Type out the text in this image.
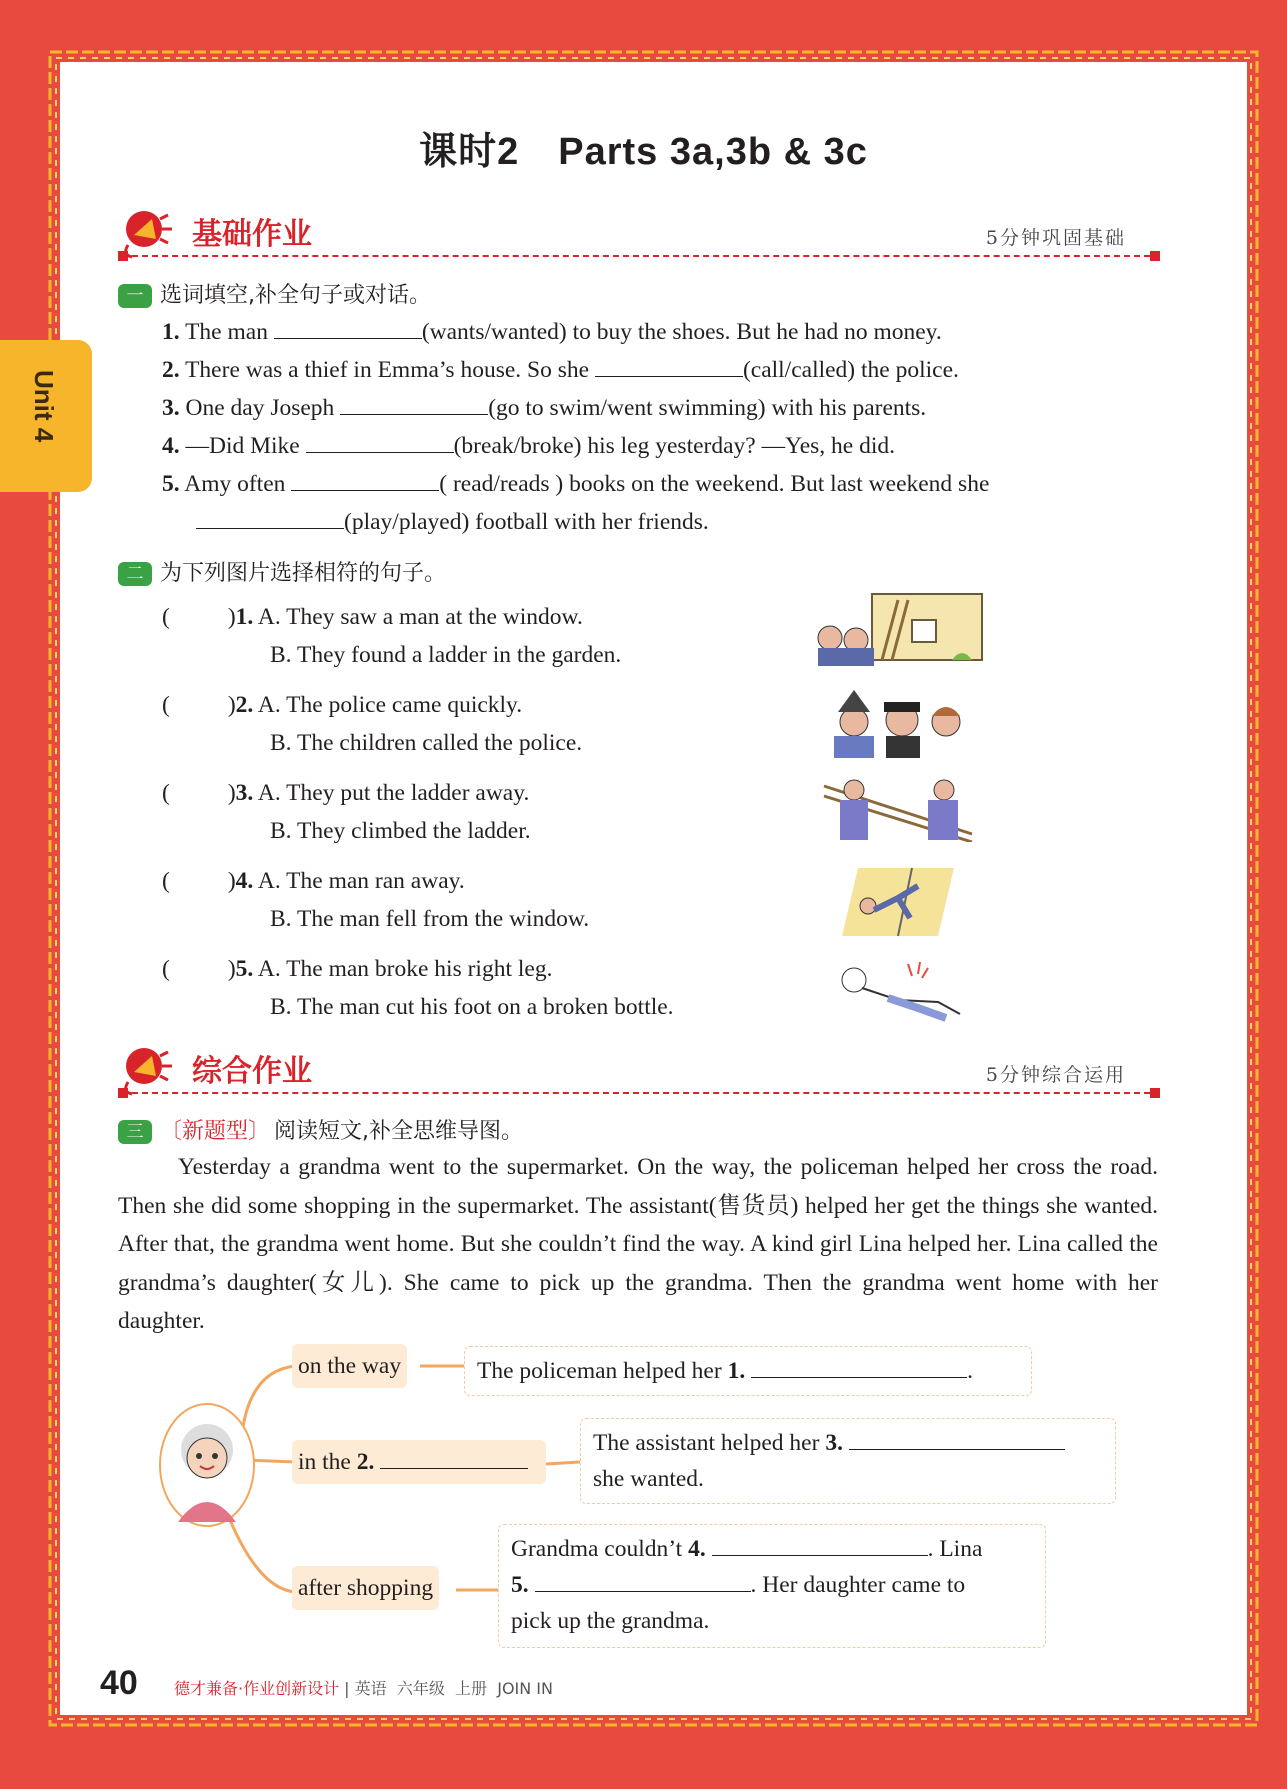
Unit 4
课时2　Parts 3a,3b & 3c
基础作业	5分钟巩固基础
一 选词填空,补全句子或对话。
1. The man	(wants/wanted) to buy the shoes. But he had no money.
2. There was a thief in Emma’s house. So she	(call/called) the police.
3. One day Joseph	(go to swim/went swimming) with his parents.
4. —Did Mike	(break/broke) his leg yesterday? —Yes, he did.
5. Amy often	( read/reads ) books on the weekend. But last weekend she
(play/played) football with her friends.
二 为下列图片选择相符的句子。
( )1. A. They saw a man at the window.
B. They found a ladder in the garden.
( )2. A. The police came quickly.
B. The children called the police.
( )3. A. They put the ladder away.
B. They climbed the ladder.
( )4. A. The man ran away.
B. The man fell from the window.
( )5. A. The man broke his right leg.
B. The man cut his foot on a broken bottle.
综合作业	5分钟综合运用
三 〔新题型〕 阅读短文,补全思维导图。
Yesterday a grandma went to the supermarket. On the way, the policeman helped her cross the road. Then she did some shopping in the supermarket. The assistant(售货员) helped her get the things she wanted. After that, the grandma went home. But she couldn’t find the way. A kind girl Lina helped her. Lina called the grandma’s daughter(女儿). She came to pick up the grandma. Then the grandma went home with her daughter.
on the way
in the 2.
after shopping
The policeman helped her 1.	.
The assistant helped her 3.
she wanted.
Grandma couldn’t 4.	. Lina
5.	. Her daughter came to
pick up the grandma.
40 德才兼备·作业创新设计 | 英语 六年级 上册 JOIN IN
